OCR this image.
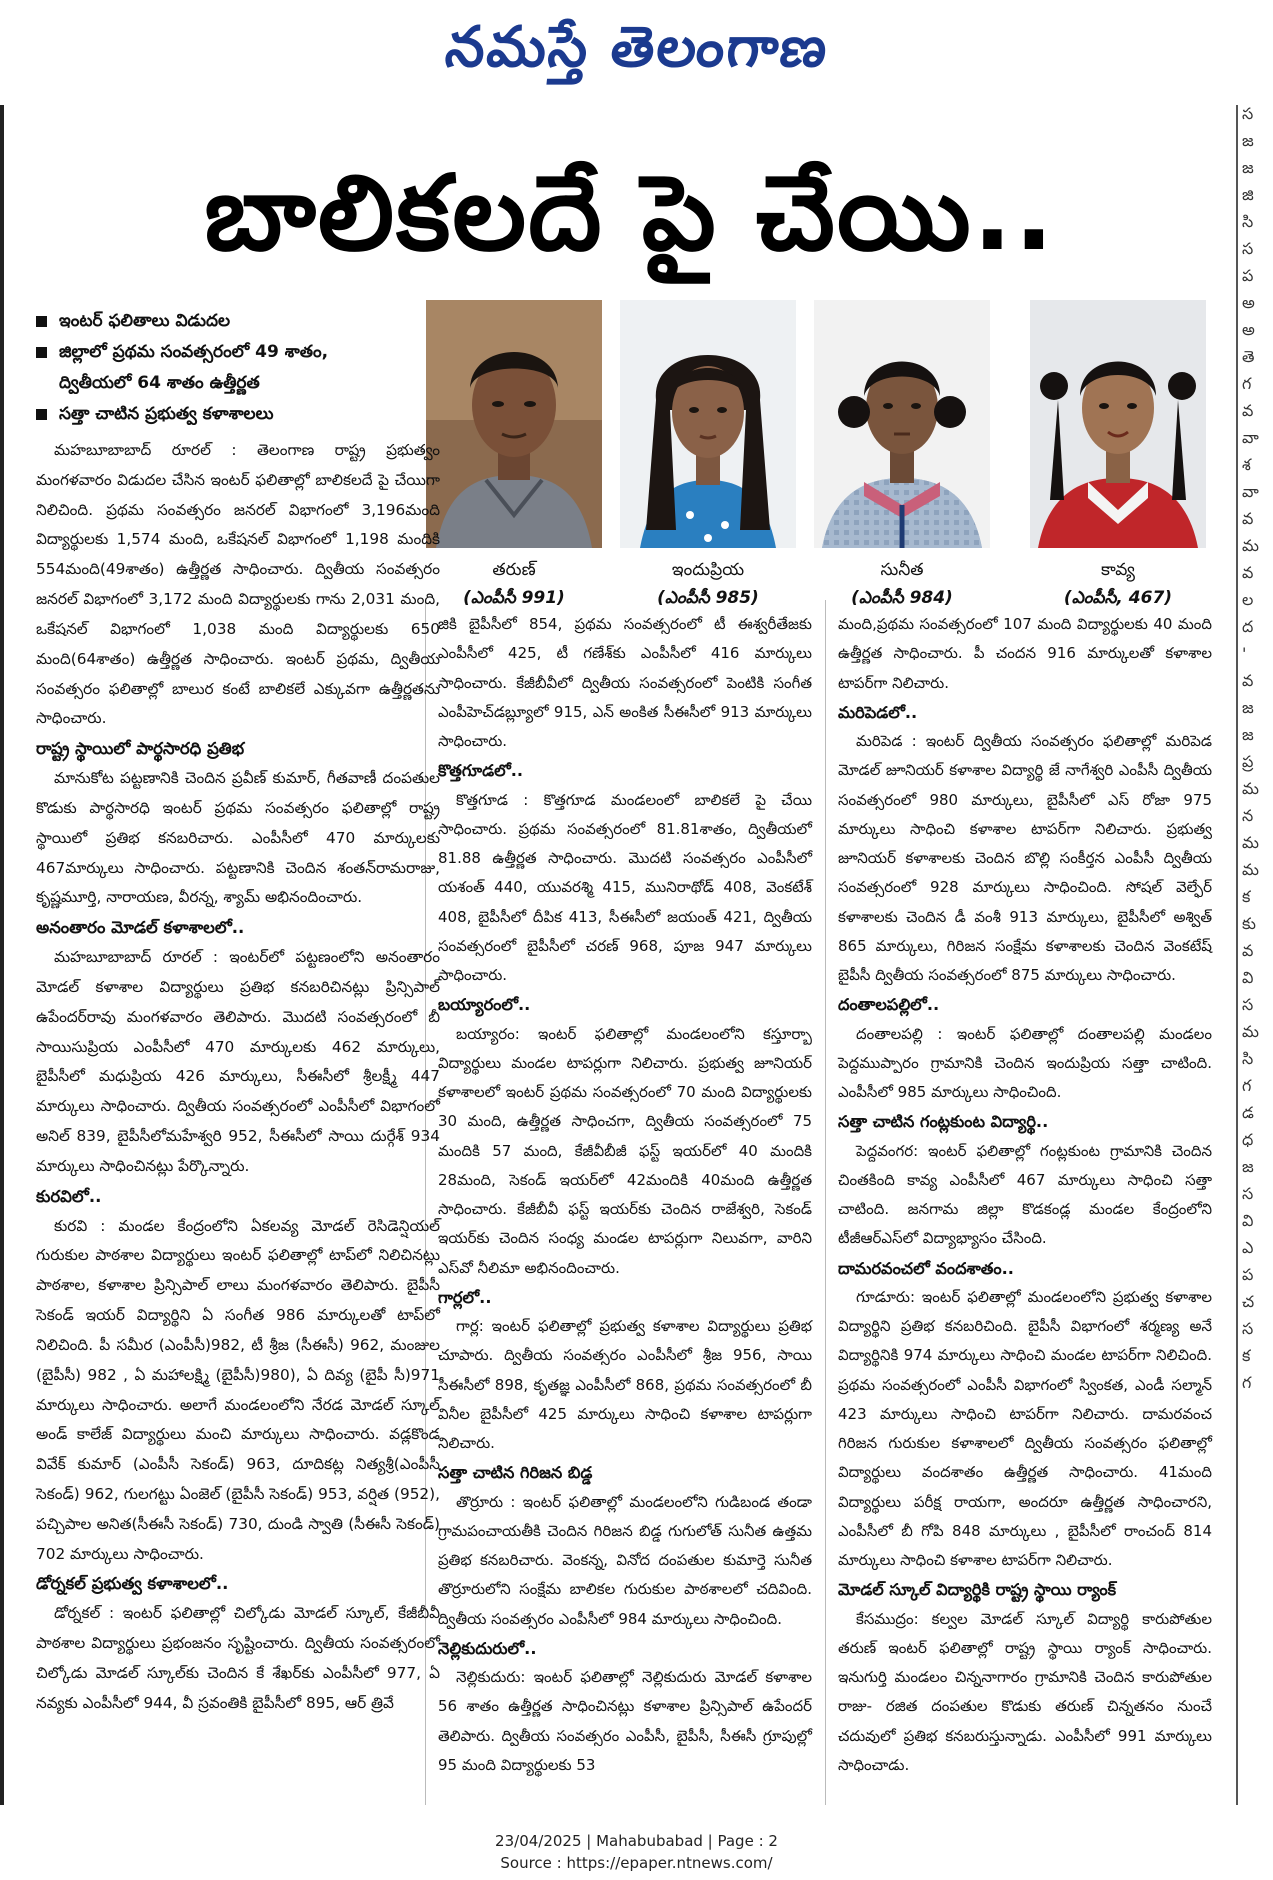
నమస్తే తెలంగాణ
స
జ
జ
జి
సి
స
ప
అ
అ
తె
గ
వ
వా
శ
వా
వ
మ
వ
ల
ద
'
వ
జ
జ
ప్ర
మ
న
మ
మ
క
కు
వ
వి
స
మ
సి
గ
డ
ధ
జ
స
వి
ఎ
ప
చ
స
క
గ
బాలికలదే పై చేయి..
ఇంటర్ ఫలితాలు విడుదల
జిల్లాలో ప్రథమ సంవత్సరంలో 49 శాతం,
ద్వితీయలో 64 శాతం ఉత్తీర్ణత
సత్తా చాటిన ప్రభుత్వ కళాశాలలు
తరుణ్
(ఎంపీసీ 991)
ఇందుప్రియ
(ఎంపీసీ 985)
సునీత
(ఎంపీసీ 984)
కావ్య
(ఎంపీసీ, 467)

మహబూబాబాద్ రూరల్ : తెలంగాణ రాష్ట్ర ప్రభుత్వం మంగళవారం విడుదల చేసిన ఇంటర్ ఫలితాల్లో బాలికలదే పై చేయిగా నిలిచింది. ప్రథమ సంవత్సరం జనరల్ విభాగంలో 3,196మంది విద్యార్థులకు 1,574 మంది, ఒకేషనల్ విభాగంలో 1,198 మందికి 554మంది(49శాతం) ఉత్తీర్ణత సాధించారు. ద్వితీయ సంవత్సరం జనరల్ విభాగంలో 3,172 మంది విద్యార్థులకు గాను 2,031 మంది, ఒకేషనల్ విభాగంలో 1,038 మంది విద్యార్థులకు 650 మంది(64శాతం) ఉత్తీర్ణత సాధించారు. ఇంటర్ ప్రథమ, ద్వితీయ సంవత్సరం ఫలితాల్లో బాలుర కంటే బాలికలే ఎక్కువగా ఉత్తీర్ణతను సాధించారు.

రాష్ట్ర స్థాయిలో పార్థసారధి ప్రతిభ

మానుకోట పట్టణానికి చెందిన ప్రవీణ్ కుమార్, గీతవాణీ దంపతుల కొడుకు పార్థసారధి ఇంటర్ ప్రథమ సంవత్సరం ఫలితాల్లో రాష్ట్ర స్థాయిలో ప్రతిభ కనబరిచారు. ఎంపీసీలో 470 మార్కులకు 467మార్కులు సాధించారు. పట్టణానికి చెందిన శంతన్‌రామరాజు, కృష్ణమూర్తి, నారాయణ, వీరన్న, శ్యామ్ అభినందించారు.

అనంతారం మోడల్ కళాశాలలో..

మహబూబాబాద్ రూరల్ : ఇంటర్‌లో పట్టణంలోని అనంతారం మోడల్ కళాశాల విద్యార్థులు ప్రతిభ కనబరిచినట్లు ప్రిన్సిపాల్ ఉపేందర్‌రావు మంగళవారం తెలిపారు. మొదటి సంవత్సరంలో బీ సాయిసుప్రియ ఎంపీసీలో 470 మార్కులకు 462 మార్కులు, బైపీసీలో మధుప్రియ 426 మార్కులు, సీఈసీలో శ్రీలక్ష్మీ 447 మార్కులు సాధించారు. ద్వితీయ సంవత్సరంలో ఎంపీసీలో విభాగంలో అనిల్ 839, బైపీసీలోమహేశ్వరి 952, సీఈసీలో సాయి దుర్గేశ్ 934 మార్కులు సాధించినట్లు పేర్కొన్నారు.

కురవిలో..

కురవి : మండల కేంద్రంలోని ఏకలవ్య మోడల్ రెసిడెన్షియల్ గురుకుల పాఠశాల విద్యార్థులు ఇంటర్ ఫలితాల్లో టాప్‌లో నిలిచినట్లు పాఠశాల, కళాశాల ప్రిన్సిపాల్ లాలు మంగళవారం తెలిపారు. బైపీసీ సెకండ్ ఇయర్ విద్యార్థిని ఏ సంగీత 986 మార్కులతో టాప్‌లో నిలిచింది. పీ సమీర (ఎంపీసీ)982, టీ శ్రీజ (సీఈసీ) 962, మంజుల (బైపీసీ) 982 , ఏ మహాలక్ష్మి (బైపీసీ)980), ఏ దివ్య (బైపీ సీ)971 మార్కులు సాధించారు. అలాగే మండలంలోని నేరడ మోడల్ స్కూల్ అండ్ కాలేజ్ విద్యార్థులు మంచి మార్కులు సాధించారు. వడ్లకొండ వివేక్ కుమార్ (ఎంపీసీ సెకండ్) 963, దూదికట్ల నిత్యశ్రీ(ఎంపీసీ సెకండ్) 962, గులగట్టు ఏంజెల్ (బైపీసీ సెకండ్) 953, వర్షిత (952), పచ్చిపాల అనిత(సీఈసీ సెకండ్) 730, దుండి స్వాతి (సీఈసీ సెకండ్) 702 మార్కులు సాధించారు.

డోర్నకల్ ప్రభుత్వ కళాశాలలో..

డోర్నకల్ : ఇంటర్ ఫలితాల్లో చిల్కోడు మోడల్ స్కూల్, కేజీబీవీ పాఠశాల విద్యార్థులు ప్రభంజనం సృష్టించారు. ద్వితీయ సంవత్సరంలో చిల్కోడు మోడల్ స్కూల్‌కు చెందిన కే శేఖర్‌కు ఎంపీసీలో 977, ఏ నవ్యకు ఎంపీసీలో 944, వీ స్రవంతికి బైపీసీలో 895, ఆర్ త్రివే

జికి బైపీసీలో 854, ప్రథమ సంవత్సరంలో టీ ఈశ్వరీతేజకు ఎంపీసీలో 425, టీ గణేశ్‌కు ఎంపీసీలో 416 మార్కులు సాధించారు. కేజీబీవీలో ద్వితీయ సంవత్సరంలో పెంటికి సంగీత ఎంపీహెచ్‌డబ్ల్యూలో 915, ఎన్ అంకిత సీఈసీలో 913 మార్కులు సాధించారు.

కొత్తగూడలో..

కొత్తగూడ : కొత్తగూడ మండలంలో బాలికలే పై చేయి సాధించారు. ప్రథమ సంవత్సరంలో 81.81శాతం, ద్వితీయలో 81.88 ఉత్తీర్ణత సాధించారు. మొదటి సంవత్సరం ఎంపీసీలో యశంత్ 440, యువరశ్మి 415, మునిరాథోడ్ 408, వెంకటేశ్ 408, బైపీసీలో దీపిక 413, సీఈసీలో జయంత్ 421, ద్వితీయ సంవత్సరంలో బైపీసీలో చరణ్ 968, పూజ 947 మార్కులు సాధించారు.

బయ్యారంలో..

బయ్యారం: ఇంటర్ ఫలితాల్లో మండలంలోని కస్తూర్బా విద్యార్థులు మండల టాపర్లుగా నిలిచారు. ప్రభుత్వ జూనియర్ కళాశాలలో ఇంటర్ ప్రథమ సంవత్సరంలో 70 మంది విద్యార్థులకు 30 మంది, ఉత్తీర్ణత సాధించగా, ద్వితీయ సంవత్సరంలో 75 మందికి 57 మంది, కేజీవీబీజీ ఫస్ట్ ఇయర్‌లో 40 మందికి 28మంది, సెకండ్ ఇయర్‌లో 42మందికి 40మంది ఉత్తీర్ణత సాధించారు. కేజీబీవీ ఫస్ట్ ఇయర్‌కు చెందిన రాజేశ్వరి, సెకండ్ ఇయర్‌కు చెందిన సంధ్య మండల టాపర్లుగా నిలువగా, వారిని ఎస్‌వో నీలిమా అభినందించారు.

గార్లలో..

గార్ల: ఇంటర్ ఫలితాల్లో ప్రభుత్వ కళాశాల విద్యార్థులు ప్రతిభ చూపారు. ద్వితీయ సంవత్సరం ఎంపీసీలో శ్రీజ 956, సాయి సీఈసీలో 898, కృతజ్ఞ ఎంపీసీలో 868, ప్రథమ సంవత్సరంలో బీ వినీల బైపీసీలో 425 మార్కులు సాధించి కళాశాల టాపర్లుగా నిలిచారు.

సత్తా చాటిన గిరిజన బిడ్డ

తొర్రూరు : ఇంటర్ ఫలితాల్లో మండలంలోని గుడిబండ తండా గ్రామపంచాయతీకి చెందిన గిరిజన బిడ్డ గుగులోత్ సునీత ఉత్తమ ప్రతిభ కనబరిచారు. వెంకన్న, వినోద దంపతుల కుమార్తె సునీత తొర్రూరులోని సంక్షేమ బాలికల గురుకుల పాఠశాలలో చదివింది. ద్వితీయ సంవత్సరం ఎంపీసీలో 984 మార్కులు సాధించింది.

నెల్లికుదురులో..

నెల్లికుదురు: ఇంటర్ ఫలితాల్లో నెల్లికుదురు మోడల్ కళాశాల 56 శాతం ఉత్తీర్ణత సాధించినట్లు కళాశాల ప్రిన్సిపాల్ ఉపేందర్ తెలిపారు. ద్వితీయ సంవత్సరం ఎంపీసీ, బైపీసీ, సీఈసీ గ్రూపుల్లో 95 మంది విద్యార్థులకు 53

మంది,ప్రథమ సంవత్సరంలో 107 మంది విద్యార్థులకు 40 మంది ఉత్తీర్ణత సాధించారు. పీ చందన 916 మార్కులతో కళాశాల టాపర్‌గా నిలిచారు.

మరిపెడలో..

మరిపెడ : ఇంటర్ ద్వితీయ సంవత్సరం ఫలితాల్లో మరిపెడ మోడల్ జూనియర్ కళాశాల విద్యార్థి జే నాగేశ్వరి ఎంపీసీ ద్వితీయ సంవత్సరంలో 980 మార్కులు, బైపీసీలో ఎస్ రోజా 975 మార్కులు సాధించి కళాశాల టాపర్‌గా నిలిచారు. ప్రభుత్వ జూనియర్ కళాశాలకు చెందిన బొల్లి సంకీర్తన ఎంపీసీ ద్వితీయ సంవత్సరంలో 928 మార్కులు సాధించింది. సోషల్ వెల్ఫేర్ కళాశాలకు చెందిన డీ వంశీ 913 మార్కులు, బైపీసీలో అశ్విత్ 865 మార్కులు, గిరిజన సంక్షేమ కళాశాలకు చెందిన వెంకటేష్ బైపీసీ ద్వితీయ సంవత్సరంలో 875 మార్కులు సాధించారు.

దంతాలపల్లిలో..

దంతాలపల్లి : ఇంటర్ ఫలితాల్లో దంతాలపల్లి మండలం పెద్దముప్పారం గ్రామానికి చెందిన ఇందుప్రియ సత్తా చాటింది. ఎంపీసీలో 985 మార్కులు సాధించింది.

సత్తా చాటిన గంట్లకుంట విద్యార్థి..

పెద్దవంగర: ఇంటర్ ఫలితాల్లో గంట్లకుంట గ్రామానికి చెందిన చింతకింది కావ్య ఎంపీసీలో 467 మార్కులు సాధించి సత్తా చాటింది. జనగామ జిల్లా కొడకండ్ల మండల కేంద్రంలోని టీజీఆర్‌ఎస్‌లో విద్యాభ్యాసం చేసింది.

దామరవంచలో వందశాతం..

గూడూరు: ఇంటర్ ఫలితాల్లో మండలంలోని ప్రభుత్వ కళాశాల విద్యార్థిని ప్రతిభ కనబరిచింది. బైపీసీ విభాగంలో శర్మణ్య అనే విద్యార్థినికి 974 మార్కులు సాధించి మండల టాపర్‌గా నిలిచింది. ప్రథమ సంవత్సరంలో ఎంపీసీ విభాగంలో స్వింకత, ఎండీ సల్మాన్ 423 మార్కులు సాధించి టాపర్‌గా నిలిచారు. దామరవంచ గిరిజన గురుకుల కళాశాలలో ద్వితీయ సంవత్సరం ఫలితాల్లో విద్యార్థులు వందశాతం ఉత్తీర్ణత సాధించారు. 41మంది విద్యార్థులు పరీక్ష రాయగా, అందరూ ఉత్తీర్ణత సాధించారని, ఎంపీసీలో బీ గోపి 848 మార్కులు , బైపీసీలో రాంచంద్ 814 మార్కులు సాధించి కళాశాల టాపర్‌గా నిలిచారు.

మోడల్ స్కూల్ విద్యార్థికి రాష్ట్ర స్థాయి ర్యాంక్

కేసముద్రం: కల్వల మోడల్ స్కూల్ విద్యార్థి కారుపోతుల తరుణ్ ఇంటర్ ఫలితాల్లో రాష్ట్ర స్థాయి ర్యాంక్ సాధించారు. ఇనుగుర్తి మండలం చిన్ననాగారం గ్రామానికి చెందిన కారుపోతుల రాజు- రజిత దంపతుల కొడుకు తరుణ్ చిన్నతనం నుంచే చదువులో ప్రతిభ కనబరుస్తున్నాడు. ఎంపీసీలో 991 మార్కులు సాధించాడు.

23/04/2025 | Mahabubabad | Page : 2
Source : https://epaper.ntnews.com/
